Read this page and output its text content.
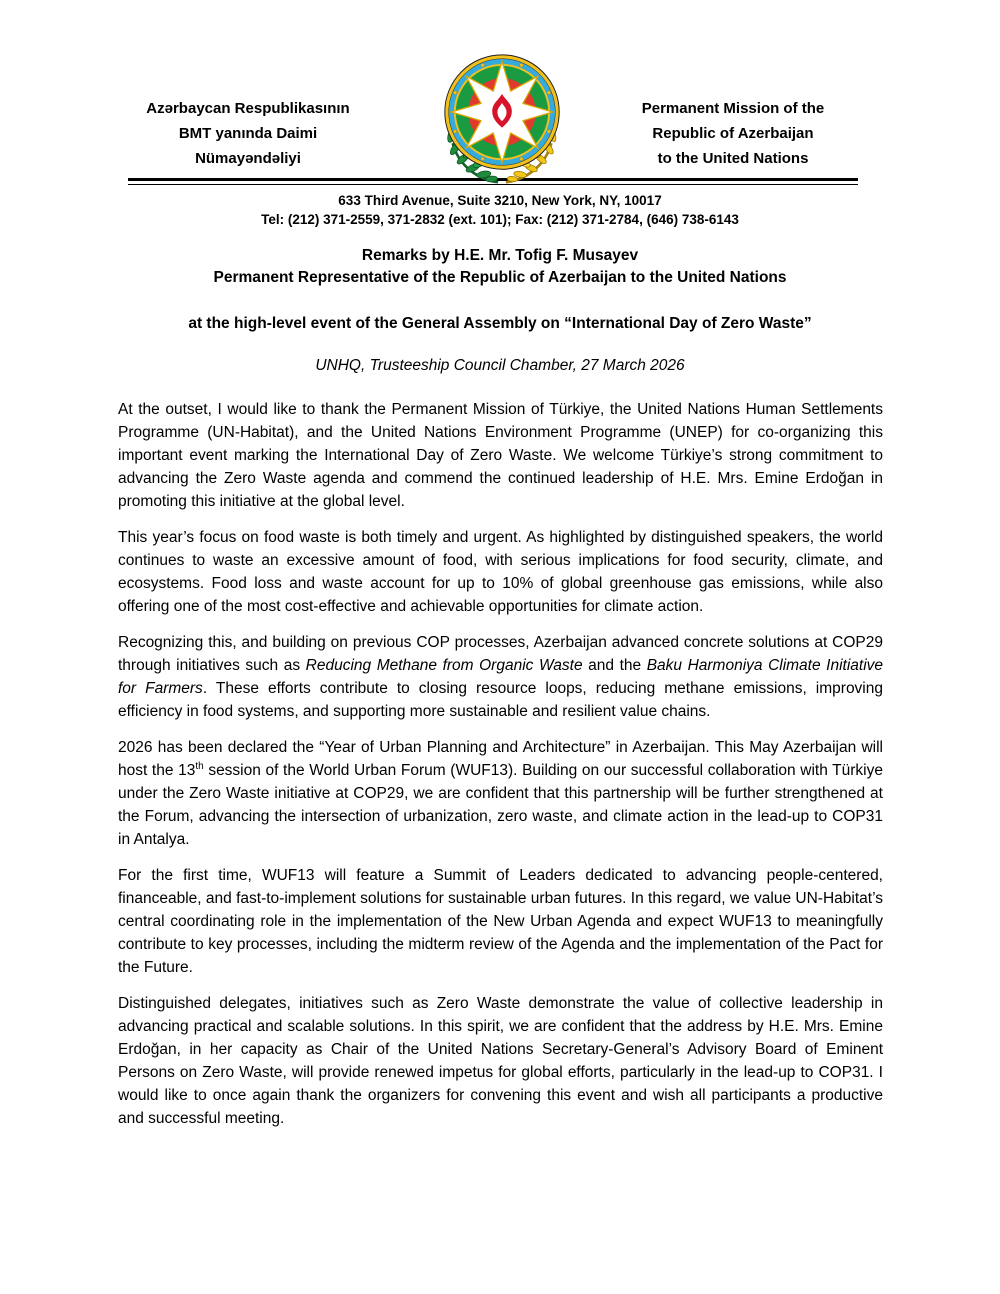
Azərbaycan Respublikasının
BMT yanında Daimi
Nümayəndəliyi
Permanent Mission of the
Republic of Azerbaijan
to the United Nations
633 Third Avenue, Suite 3210, New York, NY, 10017
Tel: (212) 371-2559, 371-2832 (ext. 101); Fax: (212) 371-2784, (646) 738-6143
Remarks by H.E. Mr. Tofig F. Musayev
Permanent Representative of the Republic of Azerbaijan to the United Nations
at the high-level event of the General Assembly on “International Day of Zero Waste”
UNHQ, Trusteeship Council Chamber, 27 March 2026

At the outset, I would like to thank the Permanent Mission of Türkiye, the United Nations Human Settlements Programme (UN-Habitat), and the United Nations Environment Programme (UNEP) for co-organizing this important event marking the International Day of Zero Waste. We welcome Türkiye’s strong commitment to advancing the Zero Waste agenda and commend the continued leadership of H.E. Mrs. Emine Erdoğan in promoting this initiative at the global level.

This year’s focus on food waste is both timely and urgent. As highlighted by distinguished speakers, the world continues to waste an excessive amount of food, with serious implications for food security, climate, and ecosystems. Food loss and waste account for up to 10% of global greenhouse gas emissions, while also offering one of the most cost-effective and achievable opportunities for climate action.

Recognizing this, and building on previous COP processes, Azerbaijan advanced concrete solutions at COP29 through initiatives such as Reducing Methane from Organic Waste and the Baku Harmoniya Climate Initiative for Farmers. These efforts contribute to closing resource loops, reducing methane emissions, improving efficiency in food systems, and supporting more sustainable and resilient value chains.

2026 has been declared the “Year of Urban Planning and Architecture” in Azerbaijan. This May Azerbaijan will host the 13th session of the World Urban Forum (WUF13). Building on our successful collaboration with Türkiye under the Zero Waste initiative at COP29, we are confident that this partnership will be further strengthened at the Forum, advancing the intersection of urbanization, zero waste, and climate action in the lead-up to COP31 in Antalya.

For the first time, WUF13 will feature a Summit of Leaders dedicated to advancing people-centered, financeable, and fast-to-implement solutions for sustainable urban futures. In this regard, we value UN-Habitat’s central coordinating role in the implementation of the New Urban Agenda and expect WUF13 to meaningfully contribute to key processes, including the midterm review of the Agenda and the implementation of the Pact for the Future.

Distinguished delegates, initiatives such as Zero Waste demonstrate the value of collective leadership in advancing practical and scalable solutions. In this spirit, we are confident that the address by H.E. Mrs. Emine Erdoğan, in her capacity as Chair of the United Nations Secretary-General’s Advisory Board of Eminent Persons on Zero Waste, will provide renewed impetus for global efforts, particularly in the lead-up to COP31. I would like to once again thank the organizers for convening this event and wish all participants a productive and successful meeting.
